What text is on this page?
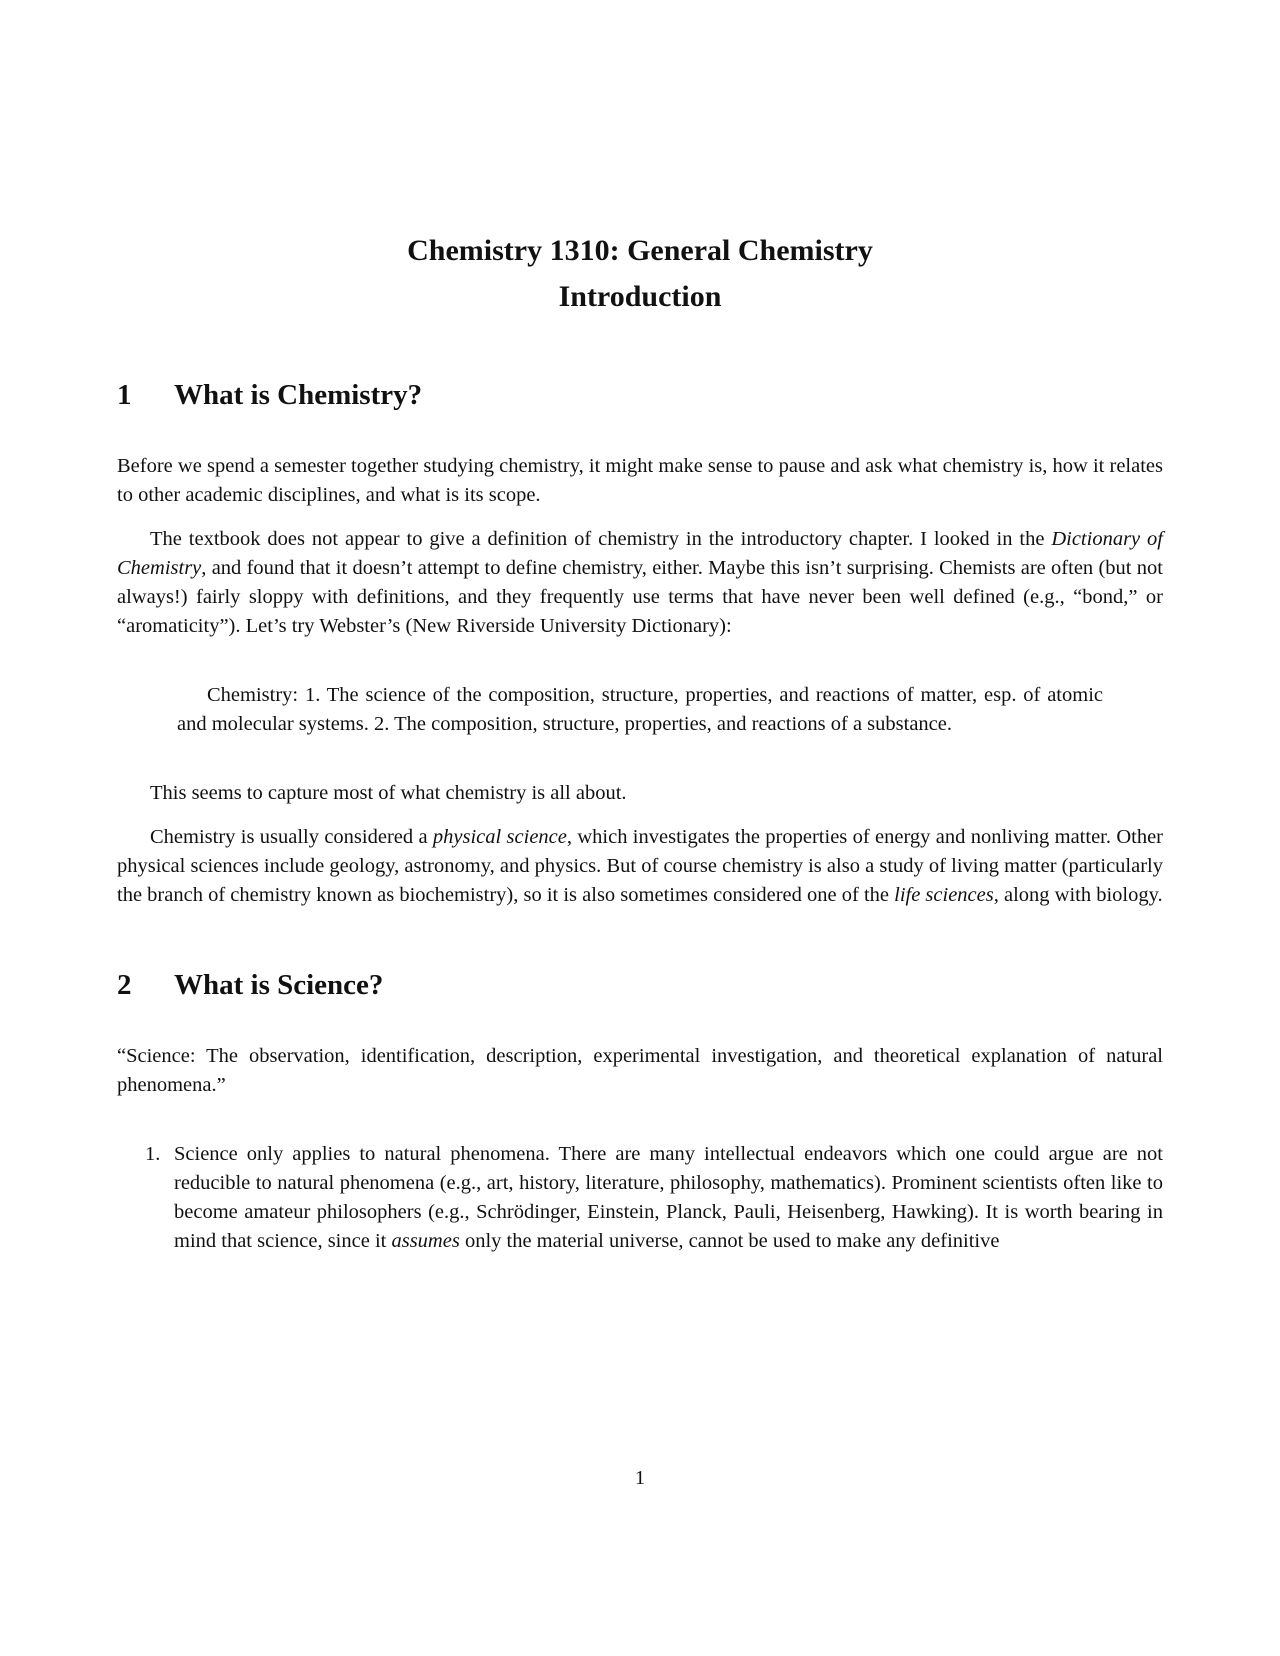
Chemistry 1310: General Chemistry
Introduction
1 What is Chemistry?

Before we spend a semester together studying chemistry, it might make sense to pause and ask what chemistry is, how it relates to other academic disciplines, and what is its scope.

The textbook does not appear to give a definition of chemistry in the introductory chapter. I looked in the Dictionary of Chemistry, and found that it doesn’t attempt to define chemistry, either. Maybe this isn’t surprising. Chemists are often (but not always!) fairly sloppy with definitions, and they frequently use terms that have never been well defined (e.g., “bond,” or “aromaticity”). Let’s try Webster’s (New Riverside University Dictionary):

Chemistry: 1. The science of the composition, structure, properties, and reactions of matter, esp. of atomic and molecular systems. 2. The composition, structure, properties, and reactions of a substance.

This seems to capture most of what chemistry is all about.

Chemistry is usually considered a physical science, which investigates the properties of energy and nonliving matter. Other physical sciences include geology, astronomy, and physics. But of course chemistry is also a study of living matter (particularly the branch of chemistry known as biochemistry), so it is also sometimes considered one of the life sciences, along with biology.

2 What is Science?

“Science: The observation, identification, description, experimental investigation, and theoretical explanation of natural phenomena.”

1. Science only applies to natural phenomena. There are many intellectual endeavors which one could argue are not reducible to natural phenomena (e.g., art, history, literature, philosophy, mathematics). Prominent scientists often like to become amateur philosophers (e.g., Schrödinger, Einstein, Planck, Pauli, Heisenberg, Hawking). It is worth bearing in mind that science, since it assumes only the material universe, cannot be used to make any definitive
1
